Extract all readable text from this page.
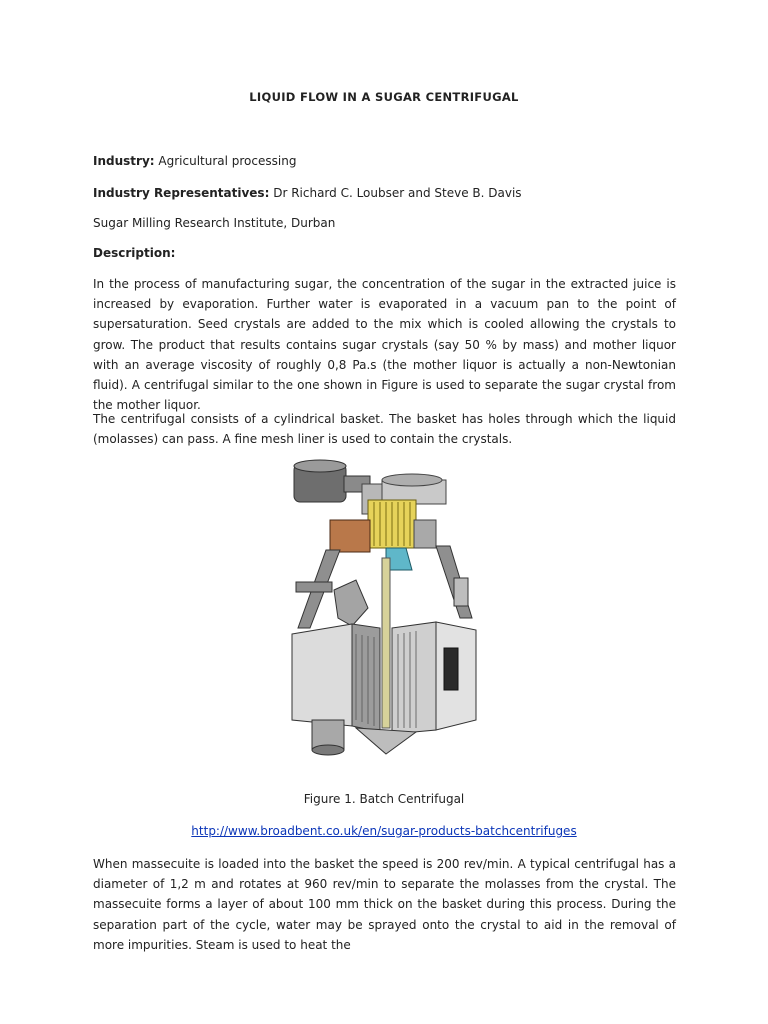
LIQUID FLOW IN A SUGAR CENTRIFUGAL
Industry: Agricultural processing
Industry Representatives: Dr Richard C. Loubser and Steve B. Davis
Sugar Milling Research Institute, Durban
Description:
In the process of manufacturing sugar, the concentration of the sugar in the extracted juice is increased by evaporation. Further water is evaporated in a vacuum pan to the point of supersaturation. Seed crystals are added to the mix which is cooled allowing the crystals to grow. The product that results contains sugar crystals (say 50 % by mass) and mother liquor with an average viscosity of roughly 0,8 Pa.s (the mother liquor is actually a non-Newtonian fluid). A centrifugal similar to the one shown in Figure is used to separate the sugar crystal from the mother liquor.
The centrifugal consists of a cylindrical basket. The basket has holes through which the liquid (molasses) can pass. A fine mesh liner is used to contain the crystals.
Figure 1. Batch Centrifugal
http://www.broadbent.co.uk/en/sugar-products-batchcentrifuges
When massecuite is loaded into the basket the speed is 200 rev/min. A typical centrifugal has a diameter of 1,2 m and rotates at 960 rev/min to separate the molasses from the crystal. The massecuite forms a layer of about 100 mm thick on the basket during this process. During the separation part of the cycle, water may be sprayed onto the crystal to aid in the removal of more impurities. Steam is used to heat the
